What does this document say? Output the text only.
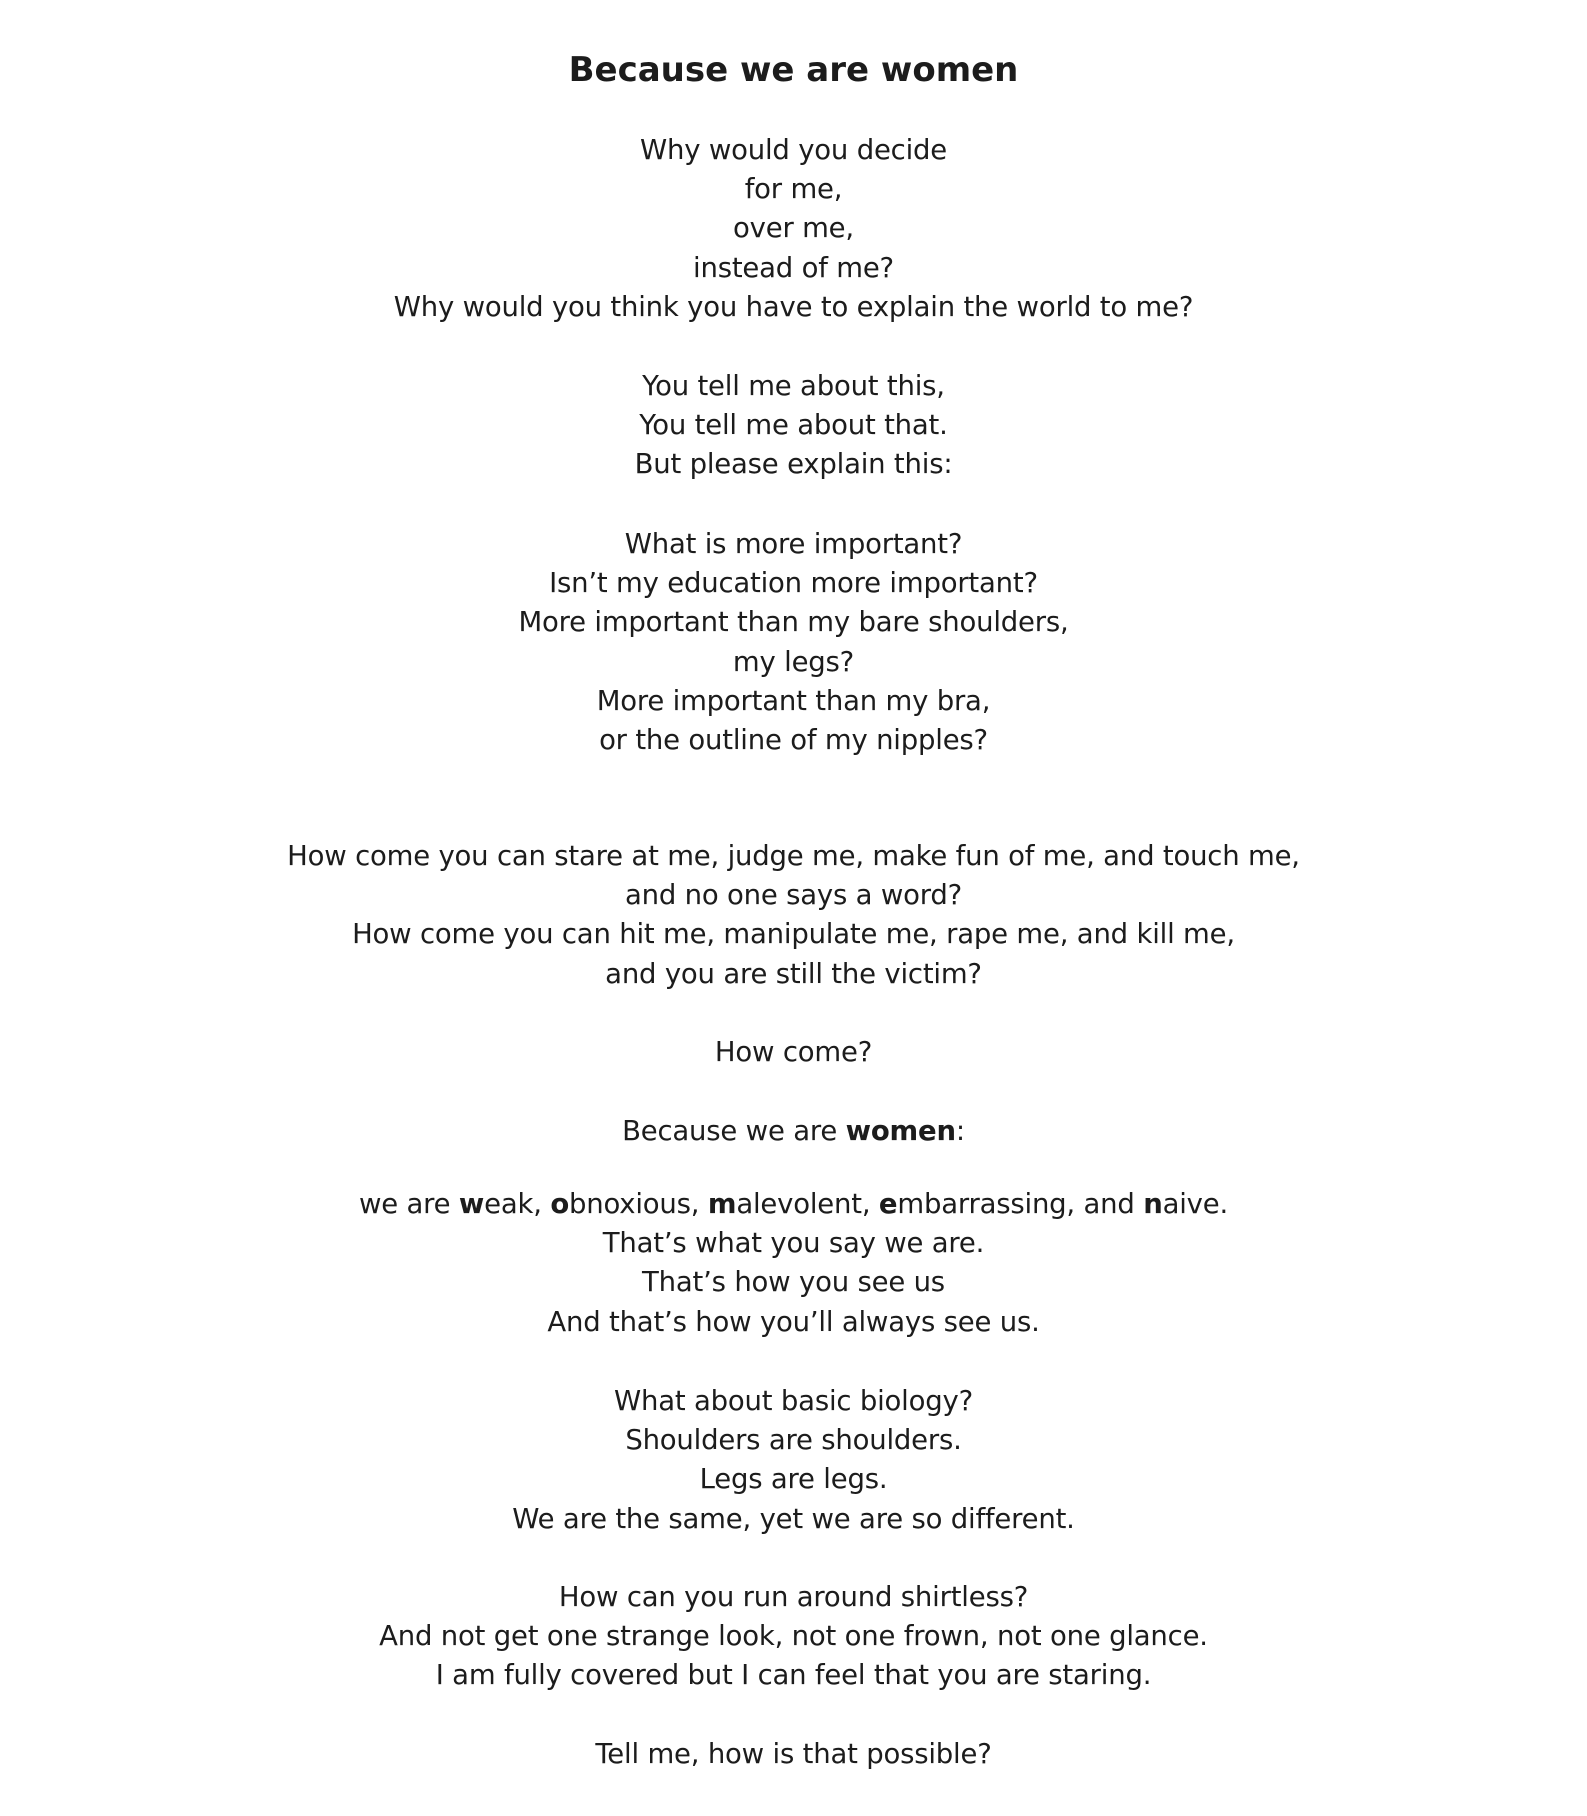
Because we are women
Why would you decide
for me,
over me,
instead of me?
Why would you think you have to explain the world to me?
You tell me about this,
You tell me about that.
But please explain this:
What is more important?
Isn’t my education more important?
More important than my bare shoulders,
my legs?
More important than my bra,
or the outline of my nipples?
How come you can stare at me, judge me, make fun of me, and touch me,
and no one says a word?
How come you can hit me, manipulate me, rape me, and kill me,
and you are still the victim?
How come?
Because we are women:
we are weak, obnoxious, malevolent, embarrassing, and naive.
That’s what you say we are.
That’s how you see us
And that’s how you’ll always see us.
What about basic biology?
Shoulders are shoulders.
Legs are legs.
We are the same, yet we are so different.
How can you run around shirtless?
And not get one strange look, not one frown, not one glance.
I am fully covered but I can feel that you are staring.
Tell me, how is that possible?
